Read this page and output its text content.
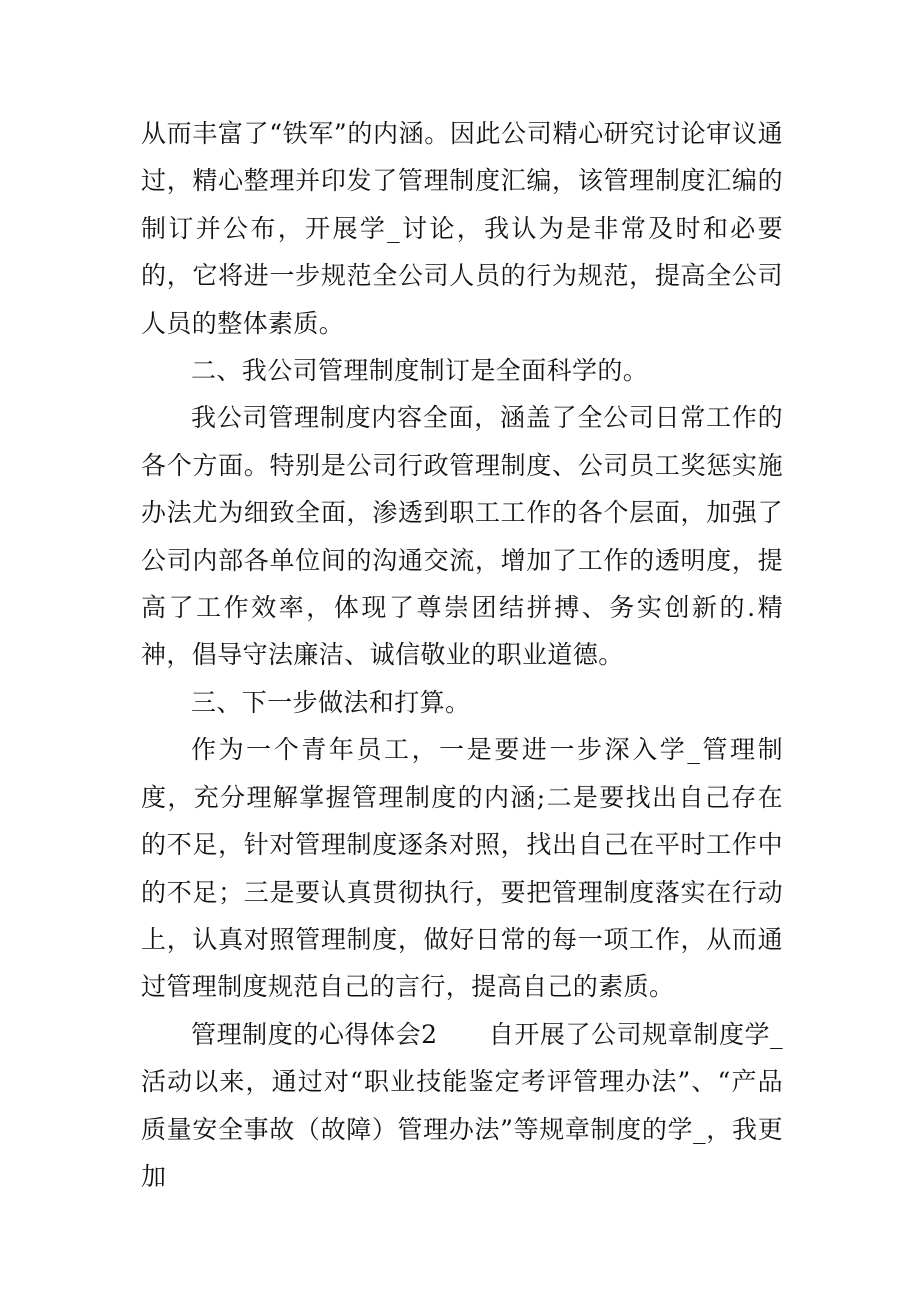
从而丰富了“铁军”的内涵。因此公司精心研究讨论审议通过，精心整理并印发了管理制度汇编，该管理制度汇编的制订并公布，开展学_讨论，我认为是非常及时和必要的，它将进一步规范全公司人员的行为规范，提高全公司人员的整体素质。

二、我公司管理制度制订是全面科学的。

我公司管理制度内容全面，涵盖了全公司日常工作的各个方面。特别是公司行政管理制度、公司员工奖惩实施办法尤为细致全面，渗透到职工工作的各个层面，加强了公司内部各单位间的沟通交流，增加了工作的透明度，提高了工作效率，体现了尊崇团结拼搏、务实创新的.精神，倡导守法廉洁、诚信敬业的职业道德。

三、下一步做法和打算。

作为一个青年员工，一是要进一步深入学_管理制度，充分理解掌握管理制度的内涵;二是要找出自己存在的不足，针对管理制度逐条对照，找出自己在平时工作中的不足；三是要认真贯彻执行，要把管理制度落实在行动上，认真对照管理制度，做好日常的每一项工作，从而通过管理制度规范自己的言行，提高自己的素质。

管理制度的心得体会2　　自开展了公司规章制度学_活动以来，通过对“职业技能鉴定考评管理办法”、“产品质量安全事故（故障）管理办法”等规章制度的学_，我更加
